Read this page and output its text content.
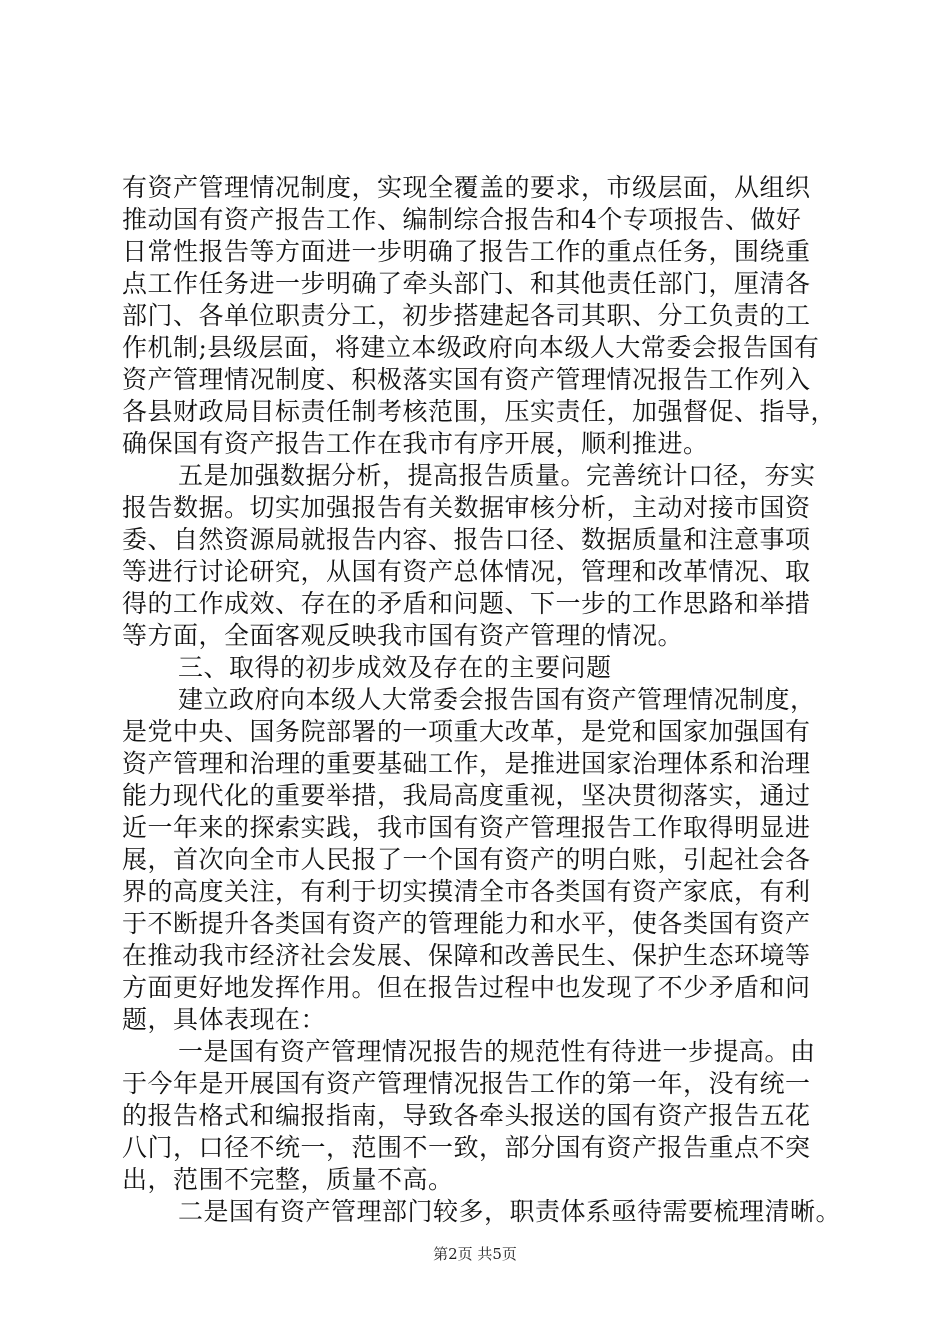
有资产管理情况制度，实现全覆盖的要求，市级层面，从组织
推动国有资产报告工作、编制综合报告和4个专项报告、做好
日常性报告等方面进一步明确了报告工作的重点任务，围绕重
点工作任务进一步明确了牵头部门、和其他责任部门，厘清各
部门、各单位职责分工，初步搭建起各司其职、分工负责的工
作机制;县级层面，将建立本级政府向本级人大常委会报告国有
资产管理情况制度、积极落实国有资产管理情况报告工作列入
各县财政局目标责任制考核范围，压实责任，加强督促、指导，
确保国有资产报告工作在我市有序开展，顺利推进。
五是加强数据分析，提高报告质量。完善统计口径，夯实
报告数据。切实加强报告有关数据审核分析，主动对接市国资
委、自然资源局就报告内容、报告口径、数据质量和注意事项
等进行讨论研究，从国有资产总体情况，管理和改革情况、取
得的工作成效、存在的矛盾和问题、下一步的工作思路和举措
等方面，全面客观反映我市国有资产管理的情况。
三、取得的初步成效及存在的主要问题
建立政府向本级人大常委会报告国有资产管理情况制度，
是党中央、国务院部署的一项重大改革，是党和国家加强国有
资产管理和治理的重要基础工作，是推进国家治理体系和治理
能力现代化的重要举措，我局高度重视，坚决贯彻落实，通过
近一年来的探索实践，我市国有资产管理报告工作取得明显进
展，首次向全市人民报了一个国有资产的明白账，引起社会各
界的高度关注，有利于切实摸清全市各类国有资产家底，有利
于不断提升各类国有资产的管理能力和水平，使各类国有资产
在推动我市经济社会发展、保障和改善民生、保护生态环境等
方面更好地发挥作用。但在报告过程中也发现了不少矛盾和问
题，具体表现在：
一是国有资产管理情况报告的规范性有待进一步提高。由
于今年是开展国有资产管理情况报告工作的第一年，没有统一
的报告格式和编报指南，导致各牵头报送的国有资产报告五花
八门，口径不统一，范围不一致，部分国有资产报告重点不突
出，范围不完整，质量不高。
二是国有资产管理部门较多，职责体系亟待需要梳理清晰。
第2页 共5页
